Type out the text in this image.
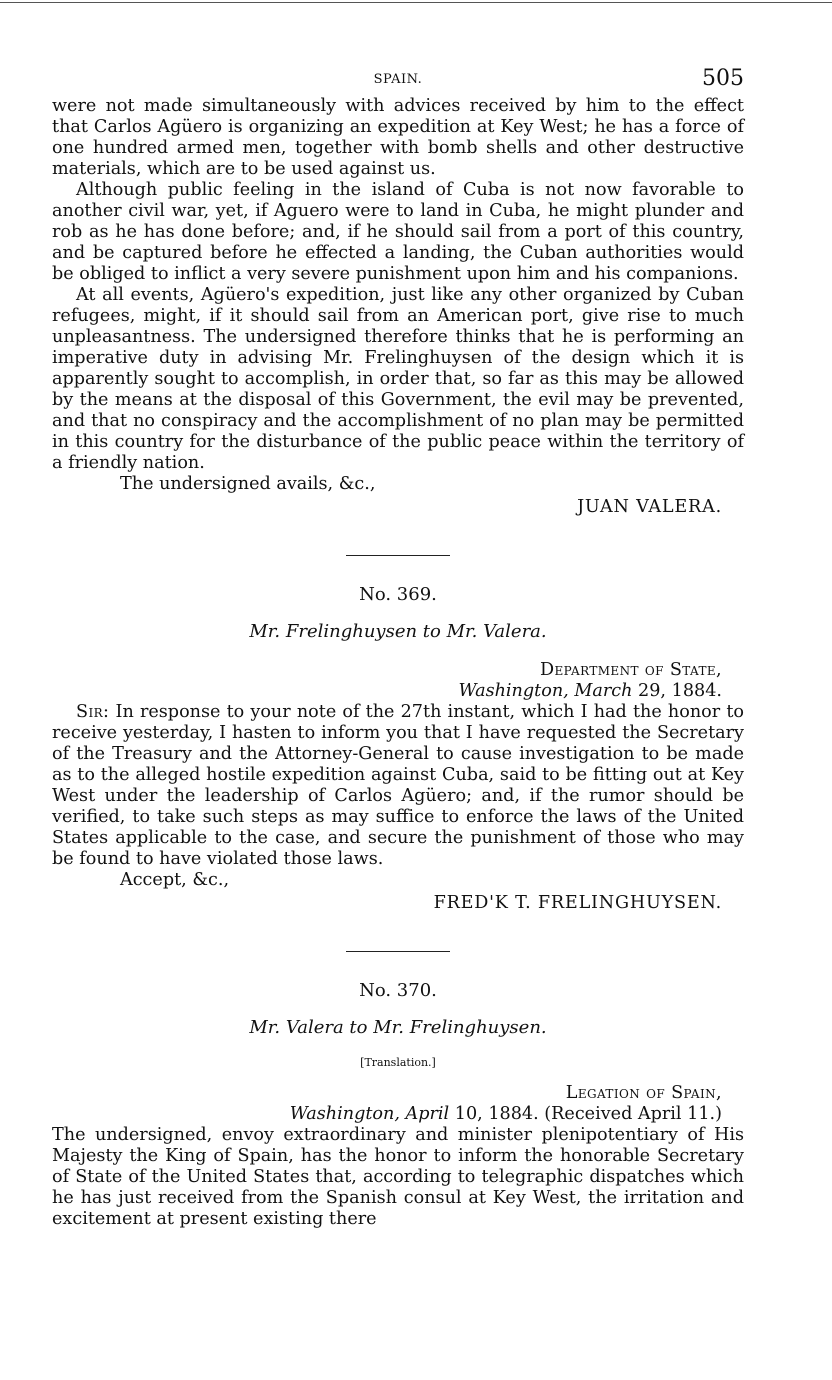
SPAIN.	505

were not made simultaneously with advices received by him to the effect that Carlos Agüero is organizing an expedition at Key West; he has a force of one hundred armed men, together with bomb shells and other destructive materials, which are to be used against us.

Although public feeling in the island of Cuba is not now favorable to another civil war, yet, if Aguero were to land in Cuba, he might plunder and rob as he has done before; and, if he should sail from a port of this country, and be captured before he effected a landing, the Cuban authorities would be obliged to inflict a very severe punishment upon him and his companions.

At all events, Agüero's expedition, just like any other organized by Cuban refugees, might, if it should sail from an American port, give rise to much unpleasantness. The undersigned therefore thinks that he is performing an imperative duty in advising Mr. Frelinghuysen of the design which it is apparently sought to accomplish, in order that, so far as this may be allowed by the means at the disposal of this Government, the evil may be prevented, and that no conspiracy and the accomplishment of no plan may be permitted in this country for the disturbance of the public peace within the territory of a friendly nation.

The undersigned avails, &c.,

JUAN VALERA.
No. 369.
Mr. Frelinghuysen to Mr. Valera.
Department of State,
Washington, March 29, 1884.

Sir: In response to your note of the 27th instant, which I had the honor to receive yesterday, I hasten to inform you that I have requested the Secretary of the Treasury and the Attorney-General to cause investigation to be made as to the alleged hostile expedition against Cuba, said to be fitting out at Key West under the leadership of Carlos Agüero; and, if the rumor should be verified, to take such steps as may suffice to enforce the laws of the United States applicable to the case, and secure the punishment of those who may be found to have violated those laws.

Accept, &c.,

FRED'K T. FRELINGHUYSEN.
No. 370.
Mr. Valera to Mr. Frelinghuysen.
[Translation.]
Legation of Spain,
Washington, April 10, 1884. (Received April 11.)

The undersigned, envoy extraordinary and minister plenipotentiary of His Majesty the King of Spain, has the honor to inform the honorable Secretary of State of the United States that, according to telegraphic dispatches which he has just received from the Spanish consul at Key West, the irritation and excitement at present existing there
